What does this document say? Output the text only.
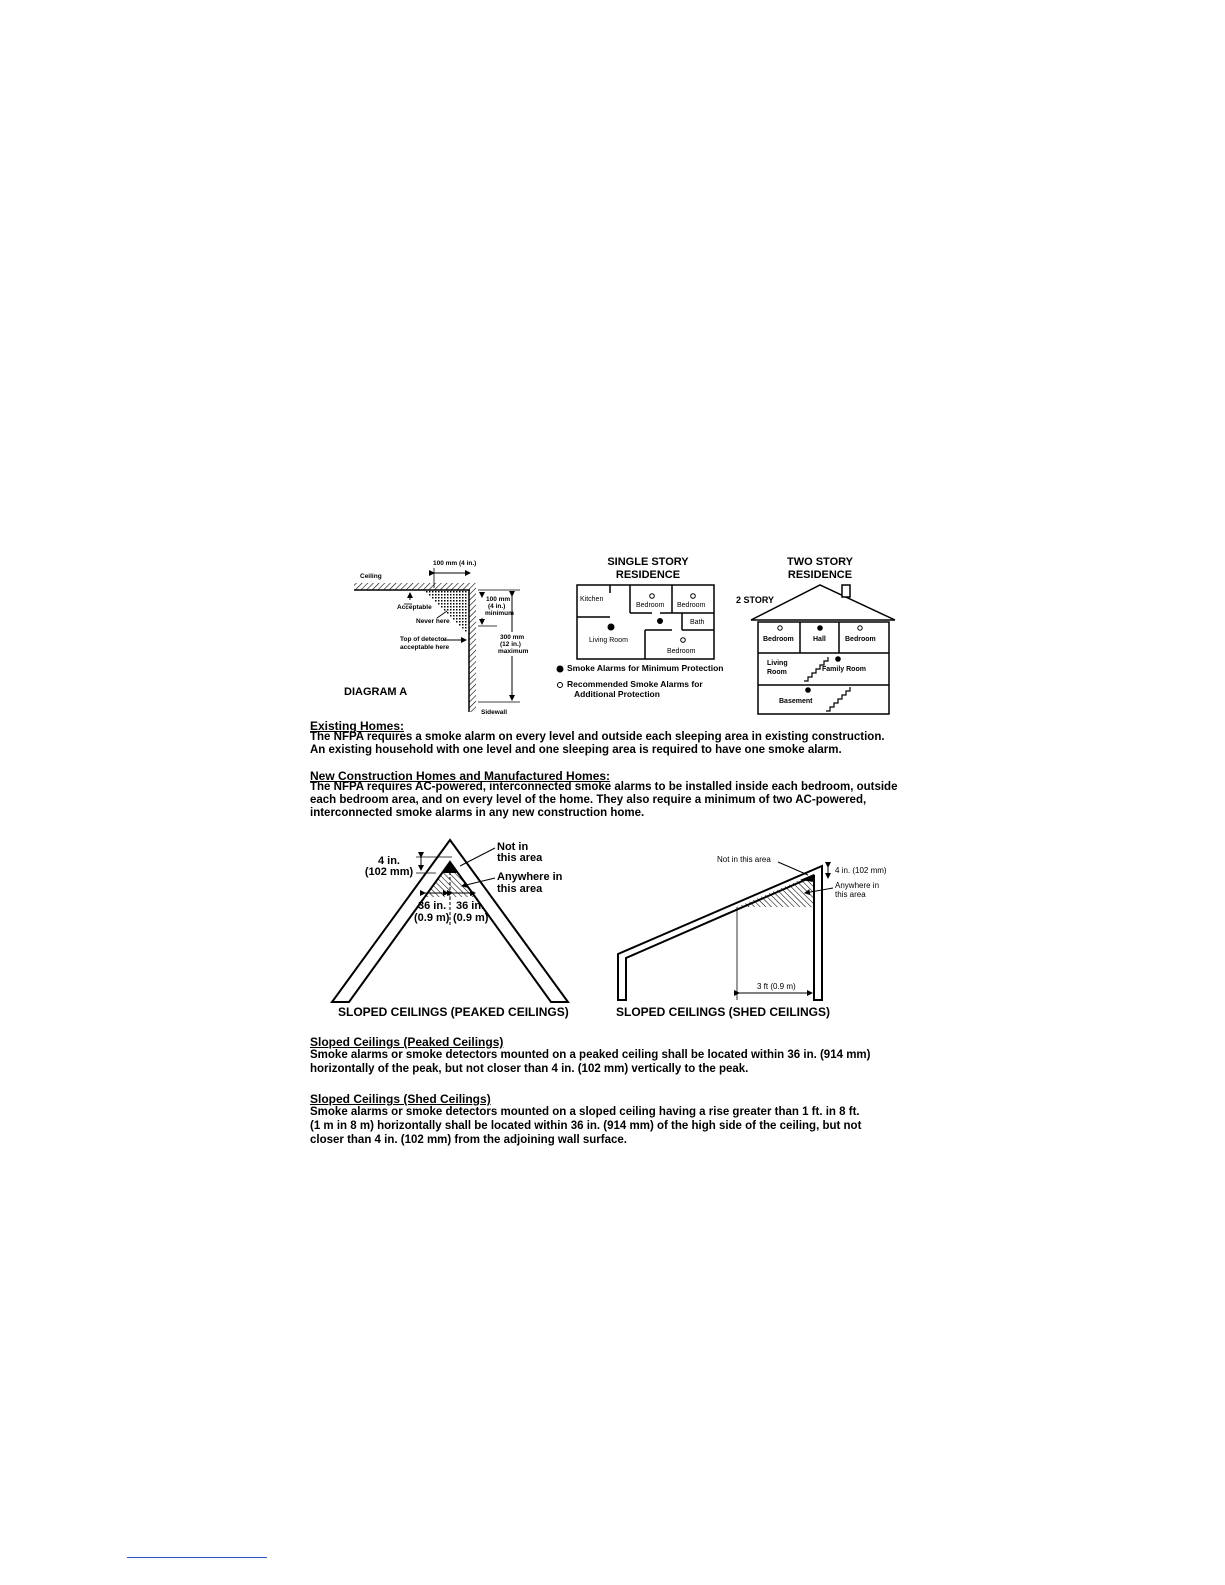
Ceiling
100 mm (4 in.)
Acceptable
Never here
Top of detector
acceptable here
100 mm
(4 in.)
minimum
300 mm
(12 in.)
maximum
Sidewall
DIAGRAM A
SINGLE STORY
RESIDENCE
Kitchen
Bedroom Bedroom
Bath
Living Room
Bedroom
Smoke Alarms for Minimum Protection
Recommended Smoke Alarms for
Additional Protection
TWO STORY
RESIDENCE
2 STORY
Bedroom	Hall	Bedroom
Living
Room	Family Room
Basement
Existing Homes:
The NFPA requires a smoke alarm on every level and outside each sleeping area in existing construction.
An existing household with one level and one sleeping area is required to have one smoke alarm.
New Construction Homes and Manufactured Homes:
The NFPA requires AC-powered, interconnected smoke alarms to be installed inside each bedroom, outside
each bedroom area, and on every level of the home. They also require a minimum of two AC-powered,
interconnected smoke alarms in any new construction home.
4 in.
(102 mm)
Not in
this area
Anywhere in
this area
36 in.
(0.9 m)
36 in.
(0.9 m)
SLOPED CEILINGS (PEAKED CEILINGS)
Not in this area
4 in. (102 mm)
Anywhere in
this area
3 ft (0.9 m)
SLOPED CEILINGS (SHED CEILINGS)
Sloped Ceilings (Peaked Ceilings)
Smoke alarms or smoke detectors mounted on a peaked ceiling shall be located within 36 in. (914 mm)
horizontally of the peak, but not closer than 4 in. (102 mm) vertically to the peak.
Sloped Ceilings (Shed Ceilings)
Smoke alarms or smoke detectors mounted on a sloped ceiling having a rise greater than 1 ft. in 8 ft.
(1 m in 8 m) horizontally shall be located within 36 in. (914 mm) of the high side of the ceiling, but not
closer than 4 in. (102 mm) from the adjoining wall surface.
